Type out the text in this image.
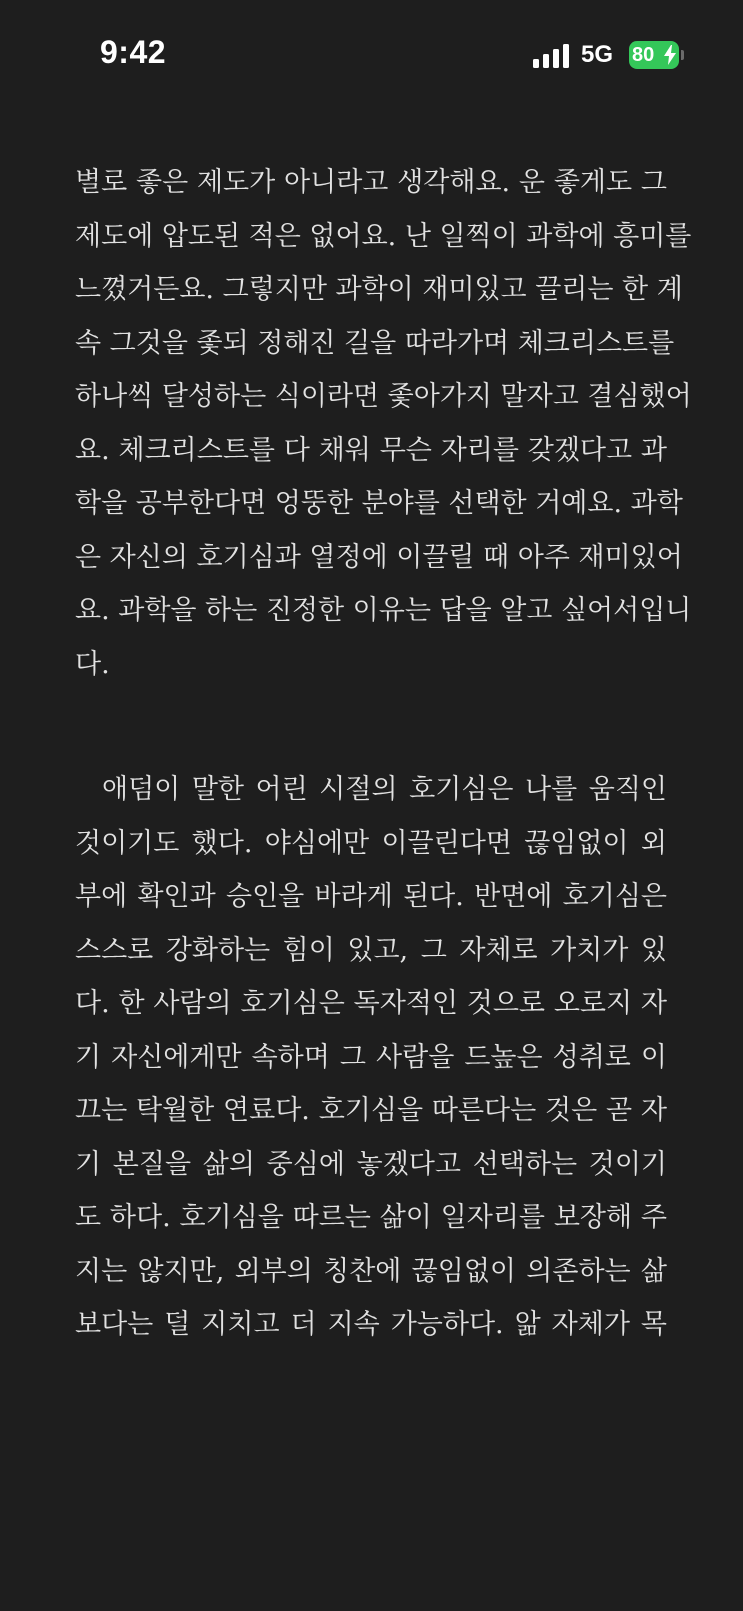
9:42	5G 80
별로 좋은 제도가 아니라고 생각해요. 운 좋게도 그
제도에 압도된 적은 없어요. 난 일찍이 과학에 흥미를
느꼈거든요. 그렇지만 과학이 재미있고 끌리는 한 계
속 그것을 좇되 정해진 길을 따라가며 체크리스트를
하나씩 달성하는 식이라면 좇아가지 말자고 결심했어
요. 체크리스트를 다 채워 무슨 자리를 갖겠다고 과
학을 공부한다면 엉뚱한 분야를 선택한 거예요. 과학
은 자신의 호기심과 열정에 이끌릴 때 아주 재미있어
요. 과학을 하는 진정한 이유는 답을 알고 싶어서입니
다.
애덤이 말한 어린 시절의 호기심은 나를 움직인
것이기도 했다. 야심에만 이끌린다면 끊임없이 외
부에 확인과 승인을 바라게 된다. 반면에 호기심은
스스로 강화하는 힘이 있고, 그 자체로 가치가 있
다. 한 사람의 호기심은 독자적인 것으로 오로지 자
기 자신에게만 속하며 그 사람을 드높은 성취로 이
끄는 탁월한 연료다. 호기심을 따른다는 것은 곧 자
기 본질을 삶의 중심에 놓겠다고 선택하는 것이기
도 하다. 호기심을 따르는 삶이 일자리를 보장해 주
지는 않지만, 외부의 칭찬에 끊임없이 의존하는 삶
보다는 덜 지치고 더 지속 가능하다. 앎 자체가 목
